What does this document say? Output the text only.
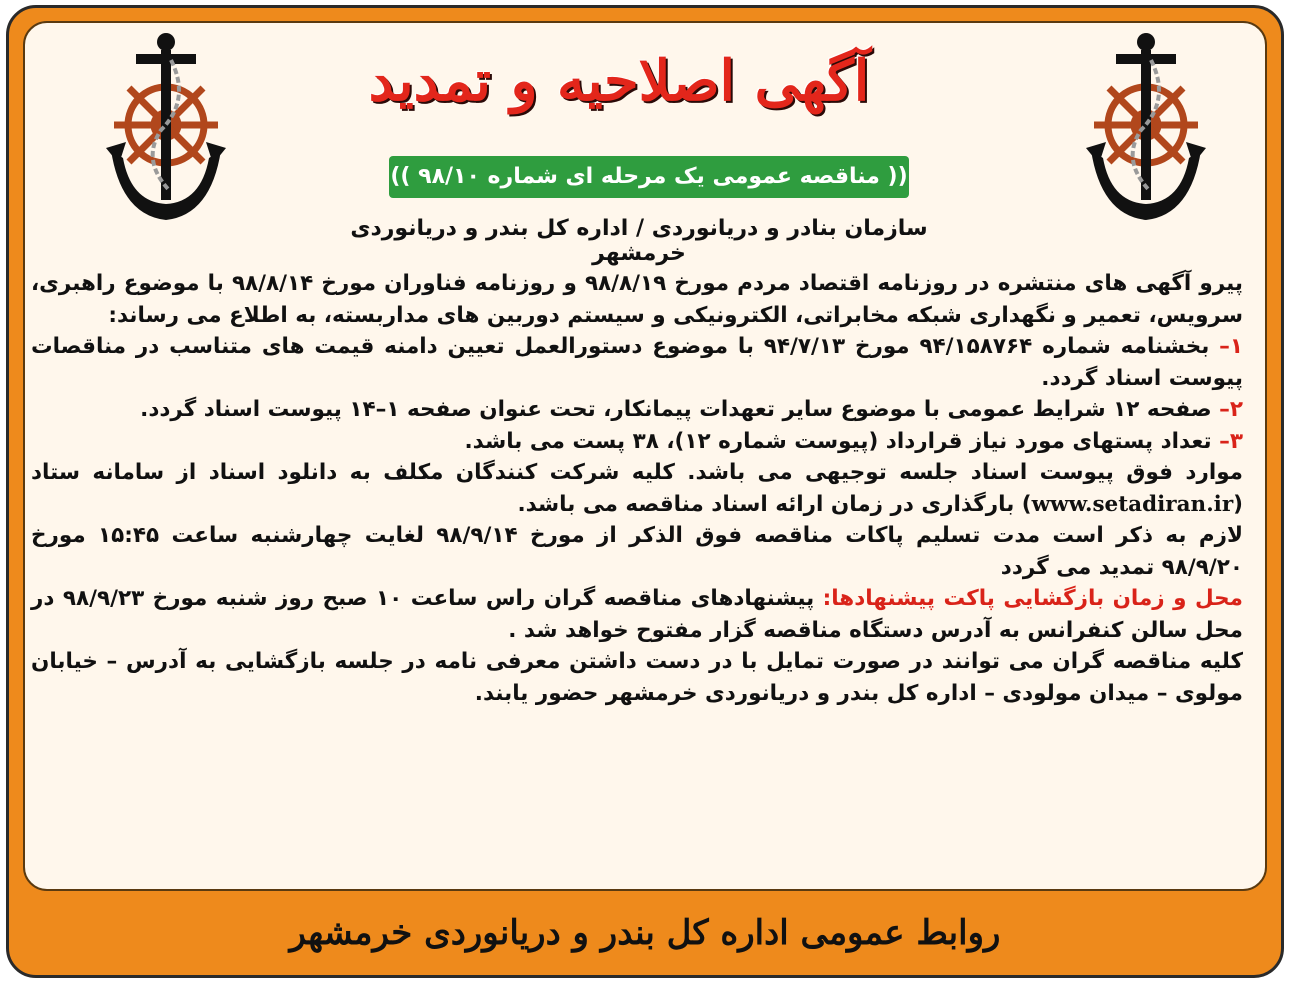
آگهی اصلاحیه و تمدید
(( مناقصه عمومی یک مرحله ای شماره ۹۸/۱۰ ))
سازمان بنادر و دریانوردی / اداره کل بندر و دریانوردی خرمشهر

پیرو آگهی های منتشره در روزنامه اقتصاد مردم مورخ ۹۸/۸/۱۹ و روزنامه فناوران مورخ ۹۸/۸/۱۴ با موضوع راهبری، سرویس، تعمیر و نگهداری شبکه مخابراتی، الکترونیکی و سیستم دوربین های مداربسته، به اطلاع می رساند:

۱– بخشنامه شماره ۹۴/۱۵۸۷۶۴ مورخ ۹۴/۷/۱۳ با موضوع دستورالعمل تعیین دامنه قیمت های متناسب در مناقصات پیوست اسناد گردد.

۲– صفحه ۱۲ شرایط عمومی با موضوع سایر تعهدات پیمانکار، تحت عنوان صفحه ۱–۱۴ پیوست اسناد گردد.

۳– تعداد پستهای مورد نیاز قرارداد (پیوست شماره ۱۲)، ۳۸ پست می باشد.

موارد فوق پیوست اسناد جلسه توجیهی می باشد. کلیه شرکت کنندگان مکلف به دانلود اسناد از سامانه ستاد (www.setadiran.ir) بارگذاری در زمان ارائه اسناد مناقصه می باشد.

لازم به ذکر است مدت تسلیم پاکات مناقصه فوق الذکر از مورخ ۹۸/۹/۱۴ لغایت چهارشنبه ساعت ۱۵:۴۵ مورخ ۹۸/۹/۲۰ تمدید می گردد

محل و زمان بازگشایی پاکت پیشنهادها: پیشنهادهای مناقصه گران راس ساعت ۱۰ صبح روز شنبه مورخ ۹۸/۹/۲۳ در محل سالن کنفرانس به آدرس دستگاه مناقصه گزار مفتوح خواهد شد .

کلیه مناقصه گران می توانند در صورت تمایل با در دست داشتن معرفی نامه در جلسه بازگشایی به آدرس – خیابان مولوی – میدان مولودی – اداره کل بندر و دریانوردی خرمشهر حضور یابند.

روابط عمومی اداره کل بندر و دریانوردی خرمشهر
